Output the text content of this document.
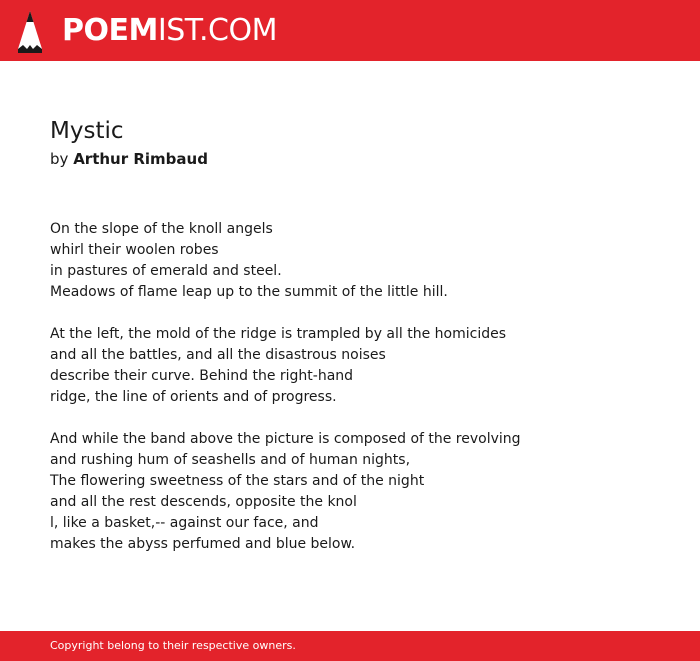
POEMIST.COM
Mystic
by Arthur Rimbaud
On the slope of the knoll angels
whirl their woolen robes
in pastures of emerald and steel.
Meadows of flame leap up to the summit of the little hill.
At the left, the mold of the ridge is trampled by all the homicides
and all the battles, and all the disastrous noises
describe their curve. Behind the right-hand
ridge, the line of orients and of progress.
And while the band above the picture is composed of the revolving
and rushing hum of seashells and of human nights,
The flowering sweetness of the stars and of the night
and all the rest descends, opposite the knol
l, like a basket,-- against our face, and
makes the abyss perfumed and blue below.
Copyright belong to their respective owners.
